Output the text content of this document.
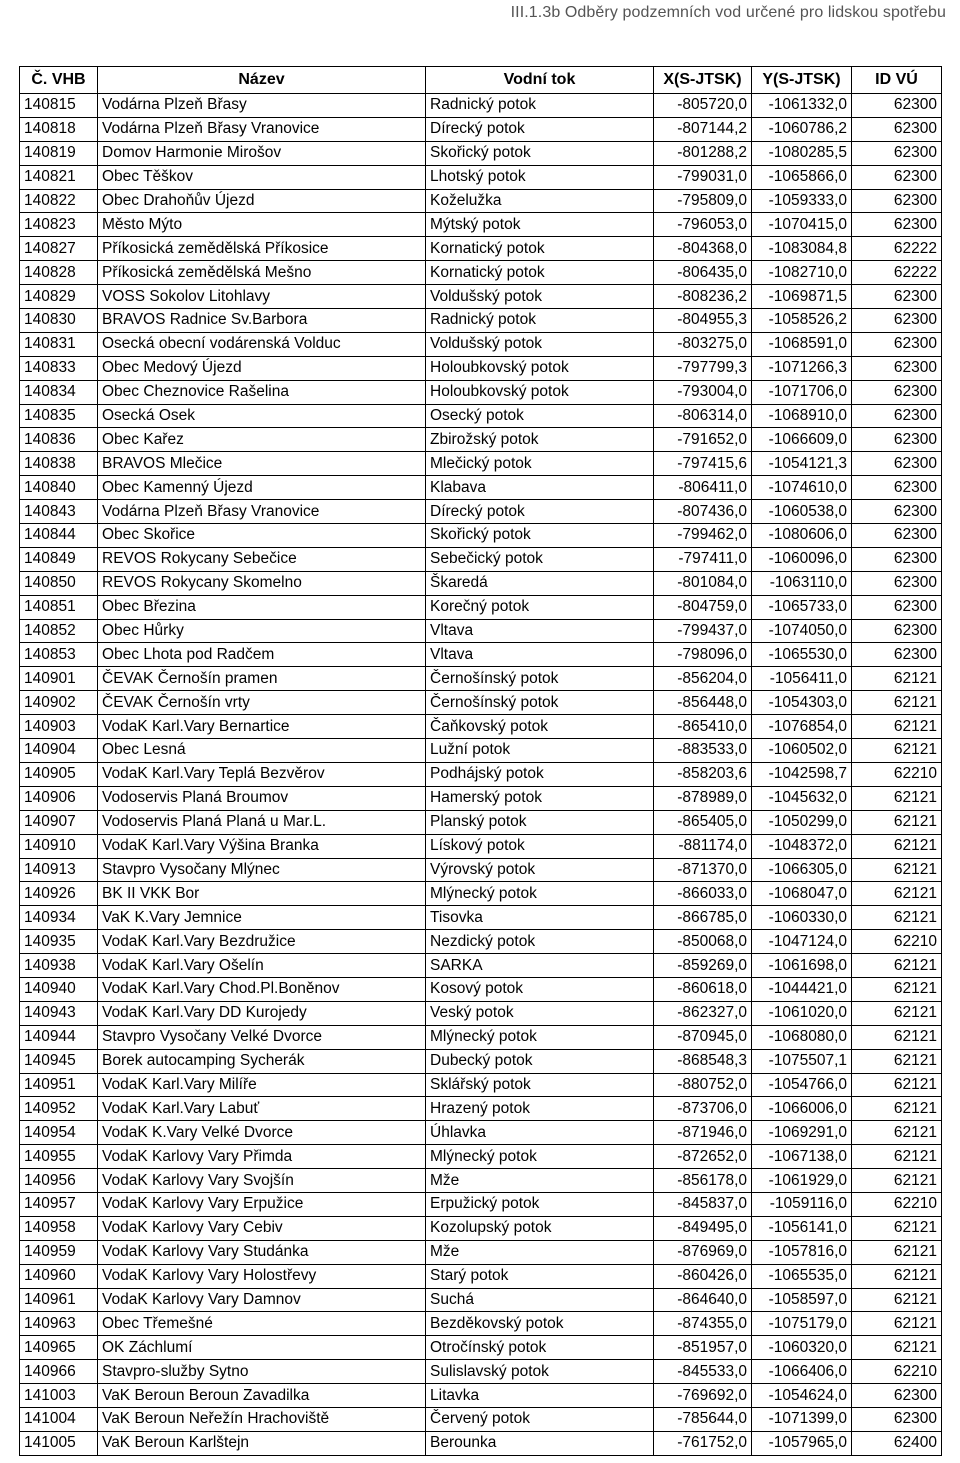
III.1.3b Odběry podzemních vod určené pro lidskou spotřebu
Č. VHB	Název	Vodní tok	X(S-JTSK)	Y(S-JTSK)	ID VÚ
140815	Vodárna Plzeň Břasy	Radnický potok	-805720,0	-1061332,0	62300
140818	Vodárna Plzeň Břasy Vranovice	Dírecký potok	-807144,2	-1060786,2	62300
140819	Domov Harmonie Mirošov	Skořický potok	-801288,2	-1080285,5	62300
140821	Obec Těškov	Lhotský potok	-799031,0	-1065866,0	62300
140822	Obec Drahoňův Újezd	Koželužka	-795809,0	-1059333,0	62300
140823	Město Mýto	Mýtský potok	-796053,0	-1070415,0	62300
140827	Příkosická zemědělská Příkosice	Kornatický potok	-804368,0	-1083084,8	62222
140828	Příkosická zemědělská Mešno	Kornatický potok	-806435,0	-1082710,0	62222
140829	VOSS Sokolov Litohlavy	Voldušský potok	-808236,2	-1069871,5	62300
140830	BRAVOS Radnice Sv.Barbora	Radnický potok	-804955,3	-1058526,2	62300
140831	Osecká obecní vodárenská Volduc	Voldušský potok	-803275,0	-1068591,0	62300
140833	Obec Medový Újezd	Holoubkovský potok	-797799,3	-1071266,3	62300
140834	Obec Cheznovice Rašelina	Holoubkovský potok	-793004,0	-1071706,0	62300
140835	Osecká Osek	Osecký potok	-806314,0	-1068910,0	62300
140836	Obec Kařez	Zbirožský potok	-791652,0	-1066609,0	62300
140838	BRAVOS Mlečice	Mlečický potok	-797415,6	-1054121,3	62300
140840	Obec Kamenný Újezd	Klabava	-806411,0	-1074610,0	62300
140843	Vodárna Plzeň Břasy Vranovice	Dírecký potok	-807436,0	-1060538,0	62300
140844	Obec Skořice	Skořický potok	-799462,0	-1080606,0	62300
140849	REVOS Rokycany Sebečice	Sebečický potok	-797411,0	-1060096,0	62300
140850	REVOS Rokycany Skomelno	Škaredá	-801084,0	-1063110,0	62300
140851	Obec Březina	Korečný potok	-804759,0	-1065733,0	62300
140852	Obec Hůrky	Vltava	-799437,0	-1074050,0	62300
140853	Obec Lhota pod Radčem	Vltava	-798096,0	-1065530,0	62300
140901	ČEVAK Černošín pramen	Černošínský potok	-856204,0	-1056411,0	62121
140902	ČEVAK Černošín vrty	Černošínský potok	-856448,0	-1054303,0	62121
140903	VodaK Karl.Vary Bernartice	Čaňkovský potok	-865410,0	-1076854,0	62121
140904	Obec Lesná	Lužní potok	-883533,0	-1060502,0	62121
140905	VodaK Karl.Vary Teplá Bezvěrov	Podhájský potok	-858203,6	-1042598,7	62210
140906	Vodoservis Planá Broumov	Hamerský potok	-878989,0	-1045632,0	62121
140907	Vodoservis Planá Planá u Mar.L.	Planský potok	-865405,0	-1050299,0	62121
140910	VodaK Karl.Vary Výšina Branka	Lískový potok	-881174,0	-1048372,0	62121
140913	Stavpro Vysočany Mlýnec	Výrovský potok	-871370,0	-1066305,0	62121
140926	BK II VKK Bor	Mlýnecký potok	-866033,0	-1068047,0	62121
140934	VaK K.Vary Jemnice	Tisovka	-866785,0	-1060330,0	62121
140935	VodaK Karl.Vary Bezdružice	Nezdický potok	-850068,0	-1047124,0	62210
140938	VodaK Karl.Vary Ošelín	SARKA	-859269,0	-1061698,0	62121
140940	VodaK Karl.Vary Chod.Pl.Boněnov	Kosový potok	-860618,0	-1044421,0	62121
140943	VodaK Karl.Vary DD Kurojedy	Veský potok	-862327,0	-1061020,0	62121
140944	Stavpro Vysočany Velké Dvorce	Mlýnecký potok	-870945,0	-1068080,0	62121
140945	Borek autocamping Sycherák	Dubecký potok	-868548,3	-1075507,1	62121
140951	VodaK Karl.Vary Milíře	Sklářský potok	-880752,0	-1054766,0	62121
140952	VodaK Karl.Vary Labuť	Hrazený potok	-873706,0	-1066006,0	62121
140954	VodaK K.Vary Velké Dvorce	Úhlavka	-871946,0	-1069291,0	62121
140955	VodaK Karlovy Vary Přimda	Mlýnecký potok	-872652,0	-1067138,0	62121
140956	VodaK Karlovy Vary Svojšín	Mže	-856178,0	-1061929,0	62121
140957	VodaK Karlovy Vary Erpužice	Erpužický potok	-845837,0	-1059116,0	62210
140958	VodaK Karlovy Vary Cebiv	Kozolupský potok	-849495,0	-1056141,0	62121
140959	VodaK Karlovy Vary Studánka	Mže	-876969,0	-1057816,0	62121
140960	VodaK Karlovy Vary Holostřevy	Starý potok	-860426,0	-1065535,0	62121
140961	VodaK Karlovy Vary Damnov	Suchá	-864640,0	-1058597,0	62121
140963	Obec Třemešné	Bezděkovský potok	-874355,0	-1075179,0	62121
140965	OK Záchlumí	Otročínský potok	-851957,0	-1060320,0	62121
140966	Stavpro-služby Sytno	Sulislavský potok	-845533,0	-1066406,0	62210
141003	VaK Beroun Beroun Zavadilka	Litavka	-769692,0	-1054624,0	62300
141004	VaK Beroun Neřežín Hrachoviště	Červený potok	-785644,0	-1071399,0	62300
141005	VaK Beroun Karlštejn	Berounka	-761752,0	-1057965,0	62400
